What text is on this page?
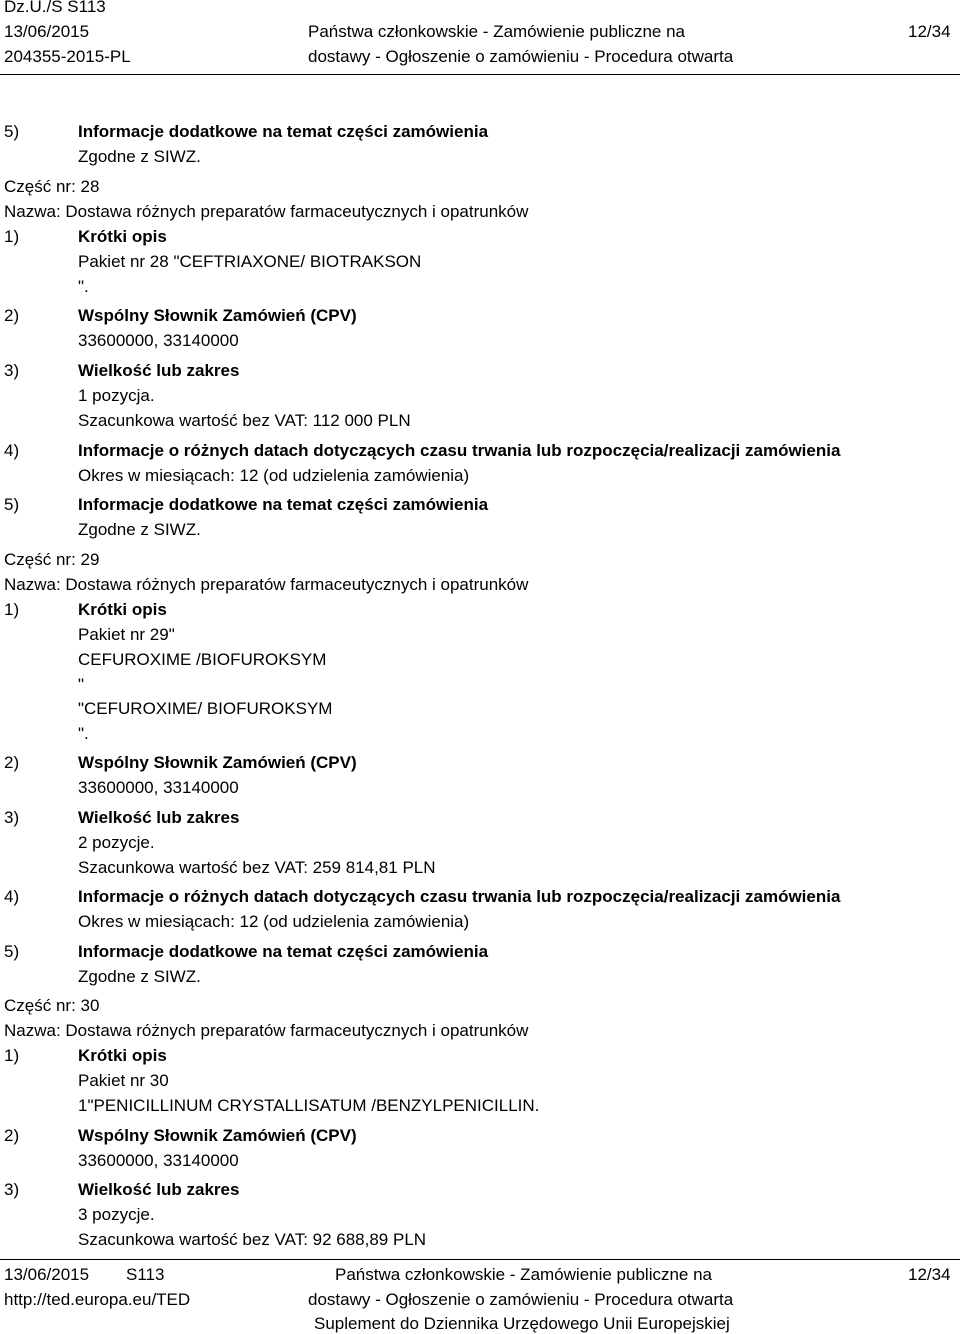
Dz.U./S S113
13/06/2015
204355-2015-PL
Państwa członkowskie - Zamówienie publiczne na
dostawy - Ogłoszenie o zamówieniu - Procedura otwarta
12/34
5)	Informacje dodatkowe na temat części zamówienia
Zgodne z SIWZ.
Część nr: 28
Nazwa: Dostawa różnych preparatów farmaceutycznych i opatrunków
1)	Krótki opis
Pakiet nr 28 "CEFTRIAXONE/ BIOTRAKSON
".
2)	Wspólny Słownik Zamówień (CPV)
33600000, 33140000
3)	Wielkość lub zakres
1 pozycja.
Szacunkowa wartość bez VAT: 112 000 PLN
4)	Informacje o różnych datach dotyczących czasu trwania lub rozpoczęcia/realizacji zamówienia
Okres w miesiącach: 12 (od udzielenia zamówienia)
5)	Informacje dodatkowe na temat części zamówienia
Zgodne z SIWZ.
Część nr: 29
Nazwa: Dostawa różnych preparatów farmaceutycznych i opatrunków
1)	Krótki opis
Pakiet nr 29"
CEFUROXIME /BIOFUROKSYM
"
"CEFUROXIME/ BIOFUROKSYM
".
2)	Wspólny Słownik Zamówień (CPV)
33600000, 33140000
3)	Wielkość lub zakres
2 pozycje.
Szacunkowa wartość bez VAT: 259 814,81 PLN
4)	Informacje o różnych datach dotyczących czasu trwania lub rozpoczęcia/realizacji zamówienia
Okres w miesiącach: 12 (od udzielenia zamówienia)
5)	Informacje dodatkowe na temat części zamówienia
Zgodne z SIWZ.
Część nr: 30
Nazwa: Dostawa różnych preparatów farmaceutycznych i opatrunków
1)	Krótki opis
Pakiet nr 30
1"PENICILLINUM CRYSTALLISATUM /BENZYLPENICILLIN.
2)	Wspólny Słownik Zamówień (CPV)
33600000, 33140000
3)	Wielkość lub zakres
3 pozycje.
Szacunkowa wartość bez VAT: 92 688,89 PLN
13/06/2015 S113
http://ted.europa.eu/TED
Państwa członkowskie - Zamówienie publiczne na
dostawy - Ogłoszenie o zamówieniu - Procedura otwarta
Suplement do Dziennika Urzędowego Unii Europejskiej
12/34
